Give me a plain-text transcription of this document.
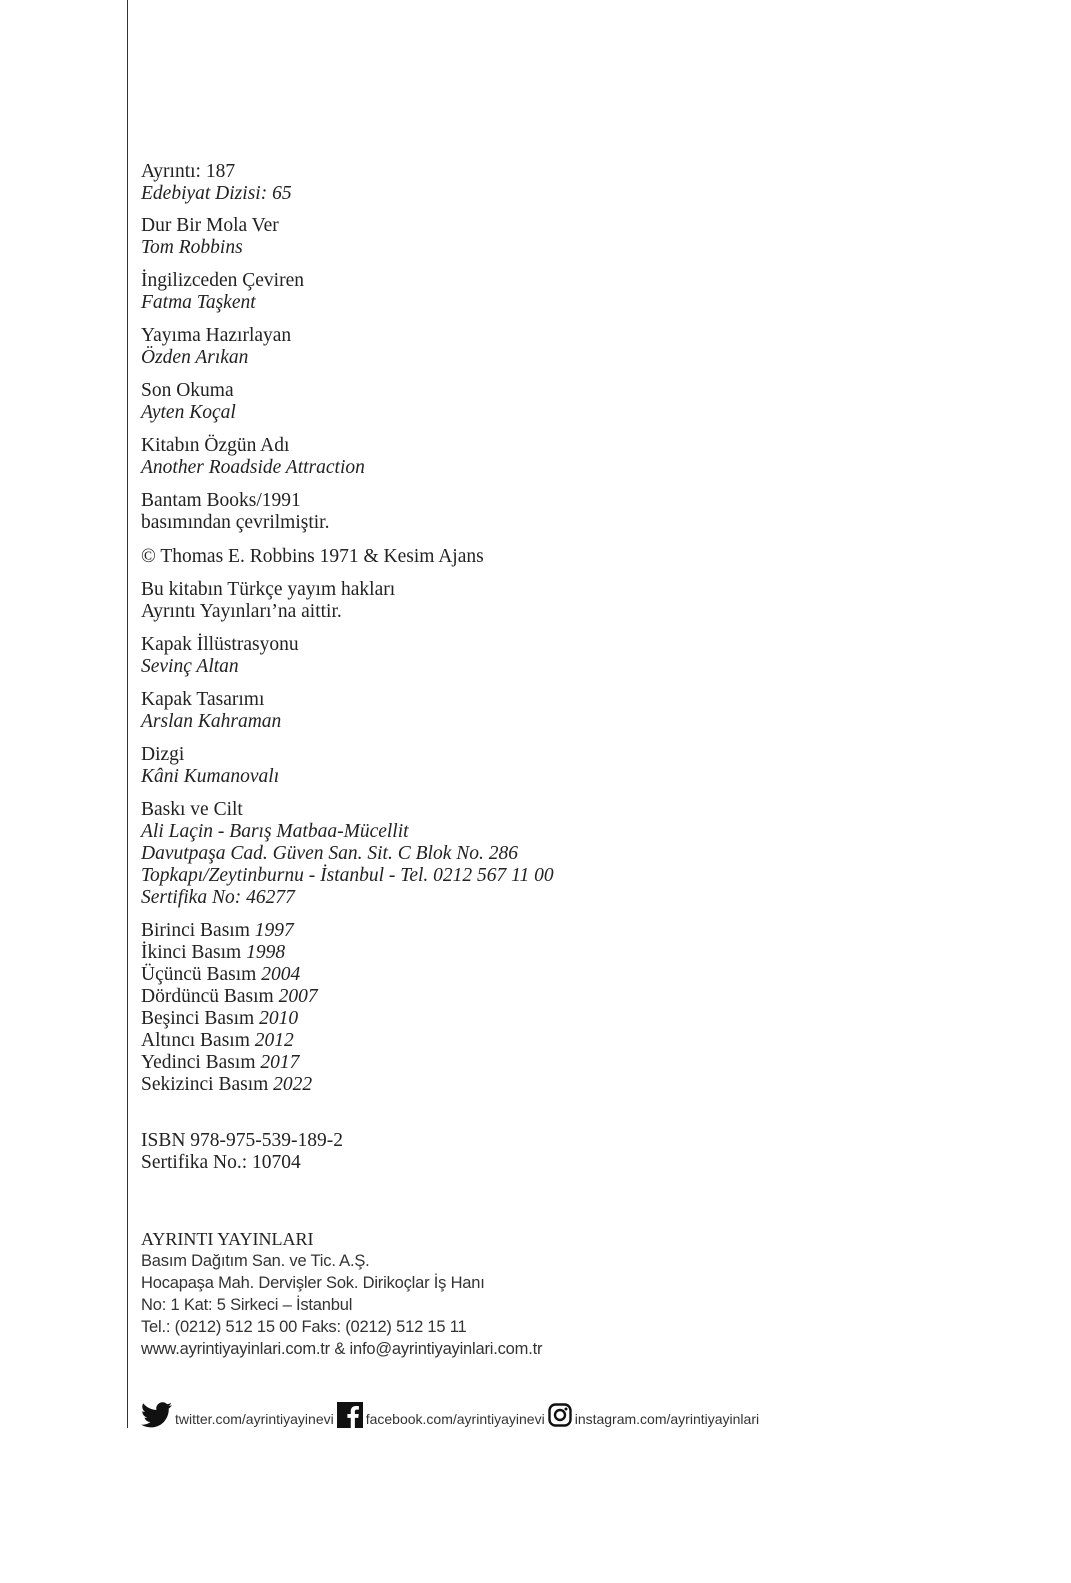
Ayrıntı: 187
Edebiyat Dizisi: 65
Dur Bir Mola Ver
Tom Robbins
İngilizceden Çeviren
Fatma Taşkent
Yayıma Hazırlayan
Özden Arıkan
Son Okuma
Ayten Koçal
Kitabın Özgün Adı
Another Roadside Attraction
Bantam Books/1991
basımından çevrilmiştir.
© Thomas E. Robbins 1971 & Kesim Ajans
Bu kitabın Türkçe yayım hakları
Ayrıntı Yayınları’na aittir.
Kapak İllüstrasyonu
Sevinç Altan
Kapak Tasarımı
Arslan Kahraman
Dizgi
Kâni Kumanovalı
Baskı ve Cilt
Ali Laçin - Barış Matbaa-Mücellit
Davutpaşa Cad. Güven San. Sit. C Blok No. 286
Topkapı/Zeytinburnu - İstanbul - Tel. 0212 567 11 00
Sertifika No: 46277
Birinci Basım 1997
İkinci Basım 1998
Üçüncü Basım 2004
Dördüncü Basım 2007
Beşinci Basım 2010
Altıncı Basım 2012
Yedinci Basım 2017
Sekizinci Basım 2022
ISBN 978-975-539-189-2
Sertifika No.: 10704
AYRINTI YAYINLARI
Basım Dağıtım San. ve Tic. A.Ş.
Hocapaşa Mah. Dervişler Sok. Dirikoçlar İş Hanı
No: 1 Kat: 5 Sirkeci – İstanbul
Tel.: (0212) 512 15 00 Faks: (0212) 512 15 11
www.ayrintiyayinlari.com.tr & info@ayrintiyayinlari.com.tr
twitter.com/ayrintiyayinevi facebook.com/ayrintiyayinevi instagram.com/ayrintiyayinlari
